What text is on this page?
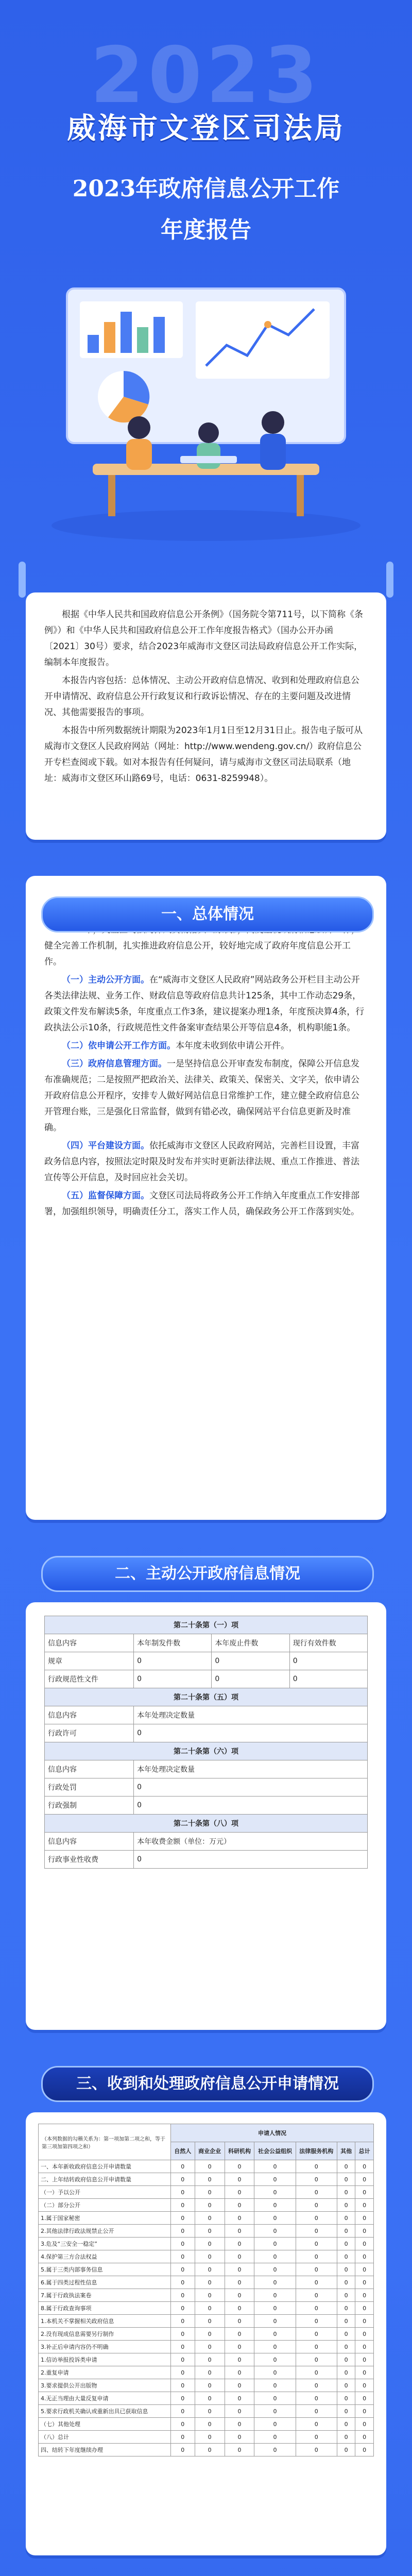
2023
威海市文登区司法局
2023年政府信息公开工作
年度报告

根据《中华人民共和国政府信息公开条例》（国务院令第711号，以下简称《条例》）和《中华人民共和国政府信息公开工作年度报告格式》（国办公开办函〔2021〕30号）要求，结合2023年威海市文登区司法局政府信息公开工作实际，编制本年度报告。

本报告内容包括：总体情况、主动公开政府信息情况、收到和处理政府信息公开申请情况、政府信息公开行政复议和行政诉讼情况、存在的主要问题及改进情况、其他需要报告的事项。

本报告中所列数据统计期限为2023年1月1日至12月31日止。报告电子版可从威海市文登区人民政府网站（网址：http://www.wendeng.gov.cn/）政府信息公开专栏查阅或下载。如对本报告有任何疑问，请与威海市文登区司法局联系（地址：威海市文登区环山路69号，电话：0631-8259948）。

健全完善工作机制，扎实推进政府信息公开，较好地完成了政府年度信息公开工作。

（一）主动公开方面。在“威海市文登区人民政府”网站政务公开栏目主动公开各类法律法规、业务工作、财政信息等政府信息共计125条，其中工作动态29条，政策文件发布解读5条，年度重点工作3条，建议提案办理1条，年度预决算4条，行政执法公示10条，行政规范性文件备案审查结果公开等信息4条，机构职能1条。

（二）依申请公开工作方面。本年度未收到依申请公开件。

（三）政府信息管理方面。一是坚持信息公开审查发布制度，保障公开信息发布准确规范；二是按照严把政治关、法律关、政策关、保密关、文字关，依申请公开政府信息公开程序，安排专人做好网站信息日常维护工作，建立健全政府信息公开管理台账，三是强化日常监督，做到有错必改，确保网站平台信息更新及时准确。

（四）平台建设方面。依托威海市文登区人民政府网站，完善栏目设置，丰富政务信息内容，按照法定时限及时发布并实时更新法律法规、重点工作推进、普法宣传等公开信息，及时回应社会关切。

（五）监督保障方面。文登区司法局将政务公开工作纳入年度重点工作安排部署，加强组织领导，明确责任分工，落实工作人员，确保政务公开工作落到实处。

一、总体情况
二、主动公开政府信息情况
第二十条第（一）项			
信息内容	本年制发件数	本年废止件数	现行有效件数
规章	0	0	0
行政规范性文件	0	0	0
第二十条第（五）项			
信息内容	本年处理决定数量		
行政许可	0		
第二十条第（六）项			
信息内容	本年处理决定数量		
行政处罚	0		
行政强制	0		
第二十条第（八）项			
信息内容	本年收费金额（单位：万元）		
行政事业性收费	0		
三、收到和处理政府信息公开申请情况
（本列数据的勾稽关系为：第一项加第二项之和，等于第三项加第四项之和）	申请人情况						
	自然人	商业企业	科研机构	社会公益组织	法律服务机构	其他	总计
一、本年新收政府信息公开申请数量	0	0	0	0	0	0	0
二、上年结转政府信息公开申请数量	0	0	0	0	0	0	0
（一）予以公开	0	0	0	0	0	0	0
（二）部分公开	0	0	0	0	0	0	0
1.属于国家秘密	0	0	0	0	0	0	0
2.其他法律行政法规禁止公开	0	0	0	0	0	0	0
3.危及“三安全一稳定”	0	0	0	0	0	0	0
4.保护第三方合法权益	0	0	0	0	0	0	0
5.属于三类内部事务信息	0	0	0	0	0	0	0
6.属于四类过程性信息	0	0	0	0	0	0	0
7.属于行政执法案卷	0	0	0	0	0	0	0
8.属于行政查询事项	0	0	0	0	0	0	0
1.本机关不掌握相关政府信息	0	0	0	0	0	0	0
2.没有现成信息需要另行制作	0	0	0	0	0	0	0
3.补正后申请内容仍不明确	0	0	0	0	0	0	0
1.信访举报投诉类申请	0	0	0	0	0	0	0
2.重复申请	0	0	0	0	0	0	0
3.要求提供公开出版物	0	0	0	0	0	0	0
4.无正当理由大量反复申请	0	0	0	0	0	0	0
5.要求行政机关确认或重新出具已获取信息	0	0	0	0	0	0	0
（七）其他处理	0	0	0	0	0	0	0
（八）总计	0	0	0	0	0	0	0
四、结转下年度继续办理	0	0	0	0	0	0	0
